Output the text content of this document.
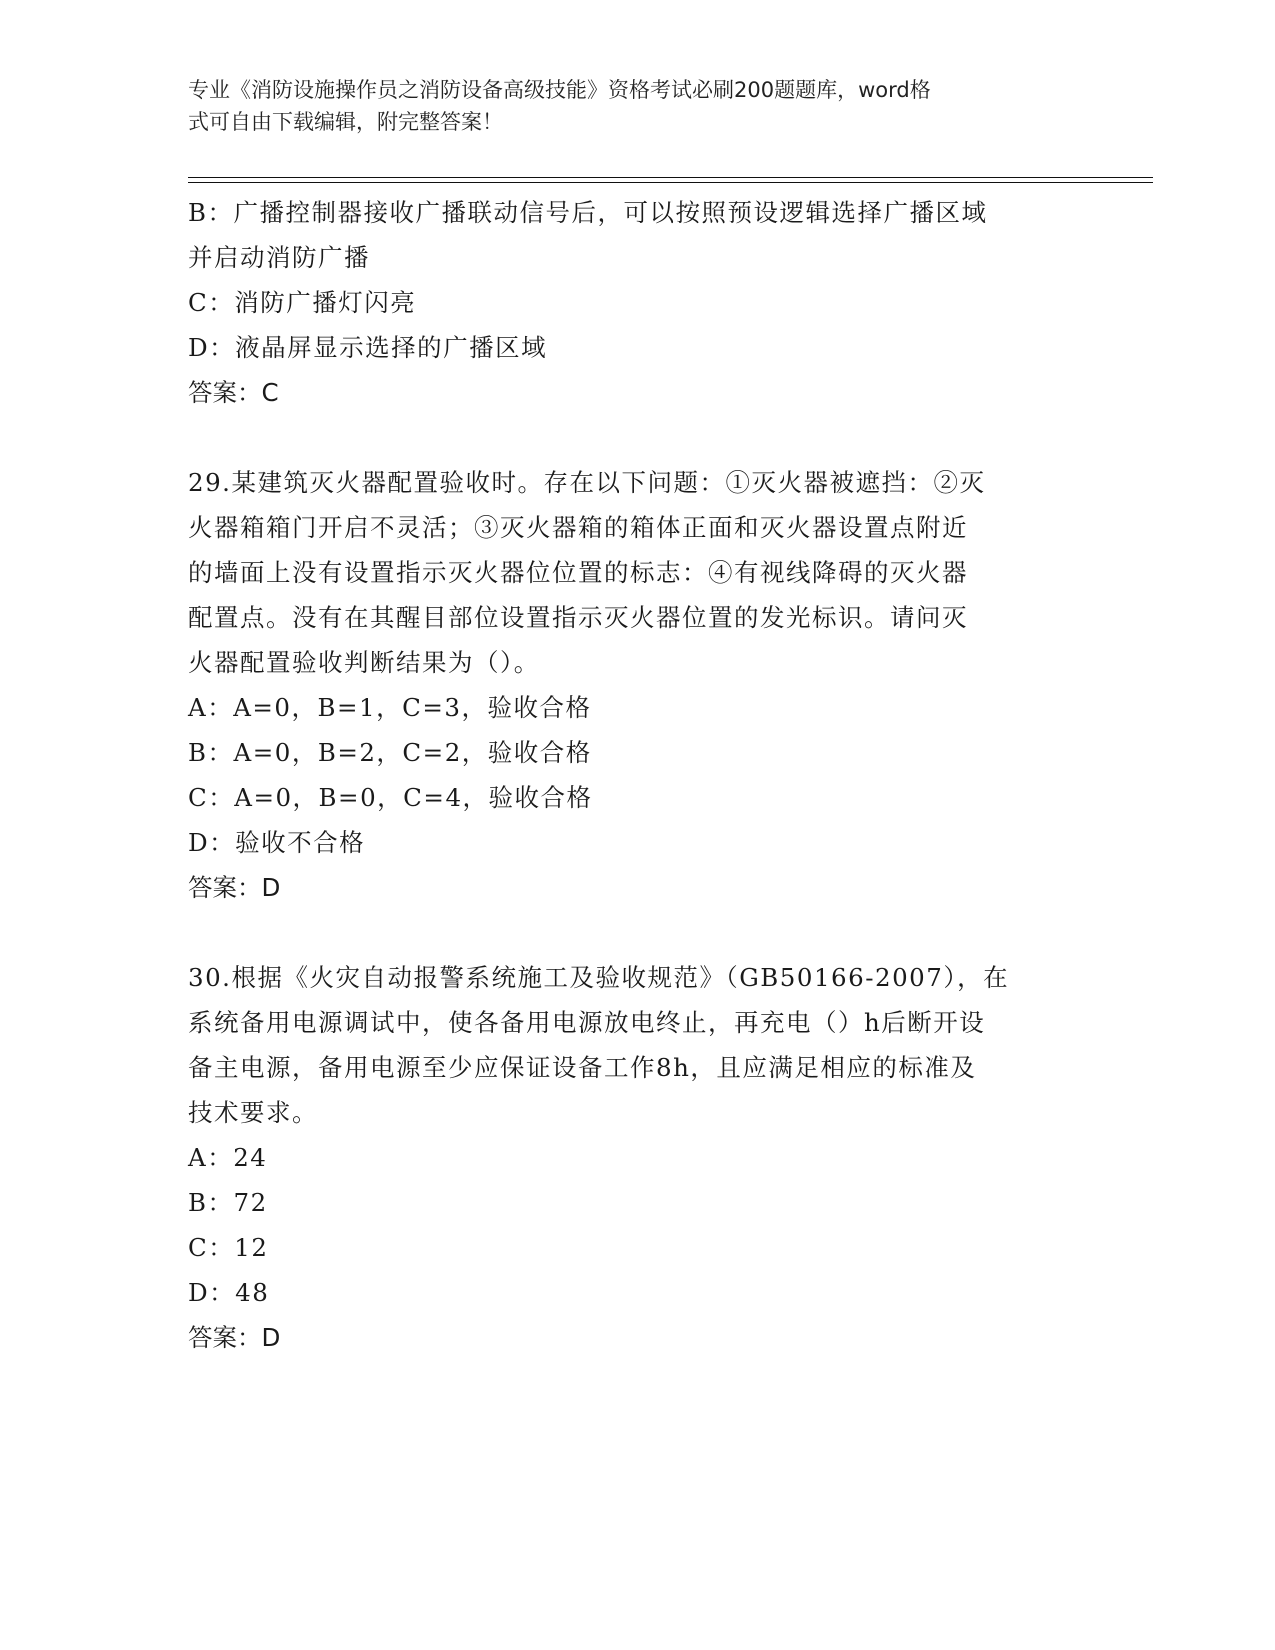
专业《消防设施操作员之消防设备高级技能》资格考试必刷200题题库，word格
式可自由下载编辑，附完整答案！
B：广播控制器接收广播联动信号后，可以按照预设逻辑选择广播区域
并启动消防广播
C：消防广播灯闪亮
D：液晶屏显示选择的广播区域
答案：C
29.某建筑灭火器配置验收时。存在以下问题：①灭火器被遮挡：②灭
火器箱箱门开启不灵活；③灭火器箱的箱体正面和灭火器设置点附近
的墙面上没有设置指示灭火器位位置的标志：④有视线降碍的灭火器
配置点。没有在其醒目部位设置指示灭火器位置的发光标识。请问灭
火器配置验收判断结果为（）。
A：A=0，B=1，C=3，验收合格
B：A=0，B=2，C=2，验收合格
C：A=0，B=0，C=4，验收合格
D：验收不合格
答案：D
30.根据《火灾自动报警系统施工及验收规范》（GB50166-2007），在
系统备用电源调试中，使各备用电源放电终止，再充电（）h后断开设
备主电源，备用电源至少应保证设备工作8h，且应满足相应的标准及
技术要求。
A：24
B：72
C：12
D：48
答案：D
